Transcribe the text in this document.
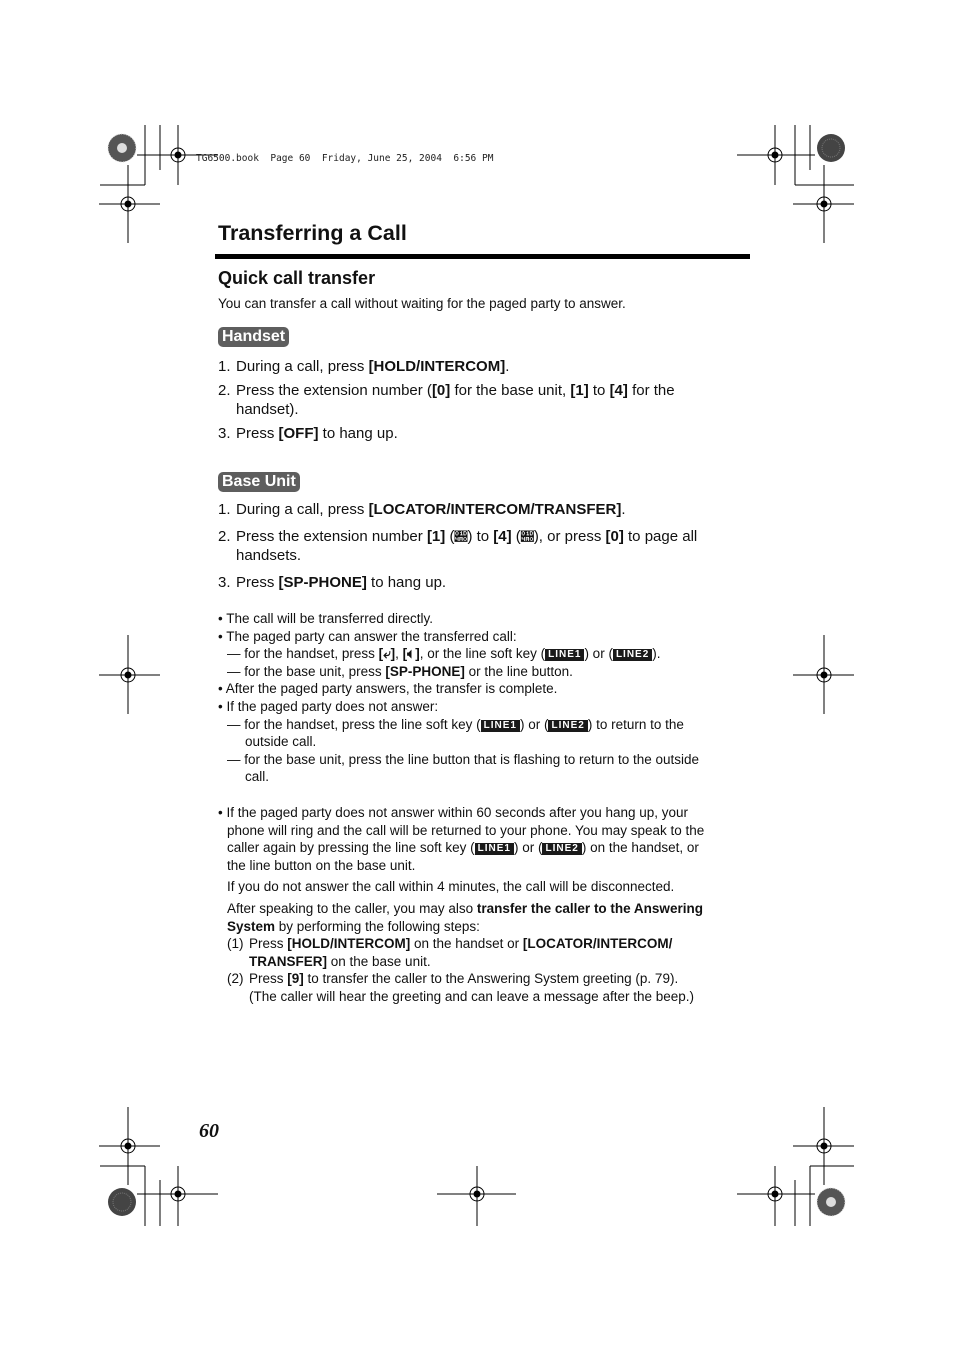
TG6500.book  Page 60  Friday, June 25, 2004  6:56 PM
Transferring a Call
Quick call transfer
You can transfer a call without waiting for the paged party to answer.
Handset
1. During a call, press [HOLD/INTERCOM].
2. Press the extension number ([0] for the base unit, [1] to [4] for the
handset).
3. Press [OFF] to hang up.
Base Unit
1. During a call, press [LOCATOR/INTERCOM/TRANSFER].
2. Press the extension number [1] (𝒠) to [4] (𝒠), or press [0] to page all
handsets.
3. Press [SP-PHONE] to hang up.
• The call will be transferred directly.
• The paged party can answer the transferred call:
— for the handset, press [⤶], [🔈︎], or the line soft key ( LINE1 ) or ( LINE2 ).
— for the base unit, press [SP-PHONE] or the line button.
• After the paged party answers, the transfer is complete.
• If the paged party does not answer:
— for the handset, press the line soft key ( LINE1 ) or ( LINE2 ) to return to the
outside call.
— for the base unit, press the line button that is flashing to return to the outside
call.
• If the paged party does not answer within 60 seconds after you hang up, your
phone will ring and the call will be returned to your phone. You may speak to the
caller again by pressing the line soft key ( LINE1 ) or ( LINE2 ) on the handset, or
the line button on the base unit.
If you do not answer the call within 4 minutes, the call will be disconnected.
After speaking to the caller, you may also transfer the caller to the Answering
System by performing the following steps:
(1) Press [HOLD/INTERCOM] on the handset or [LOCATOR/INTERCOM/
TRANSFER] on the base unit.
(2) Press [9] to transfer the caller to the Answering System greeting (p. 79).
(The caller will hear the greeting and can leave a message after the beep.)
60
